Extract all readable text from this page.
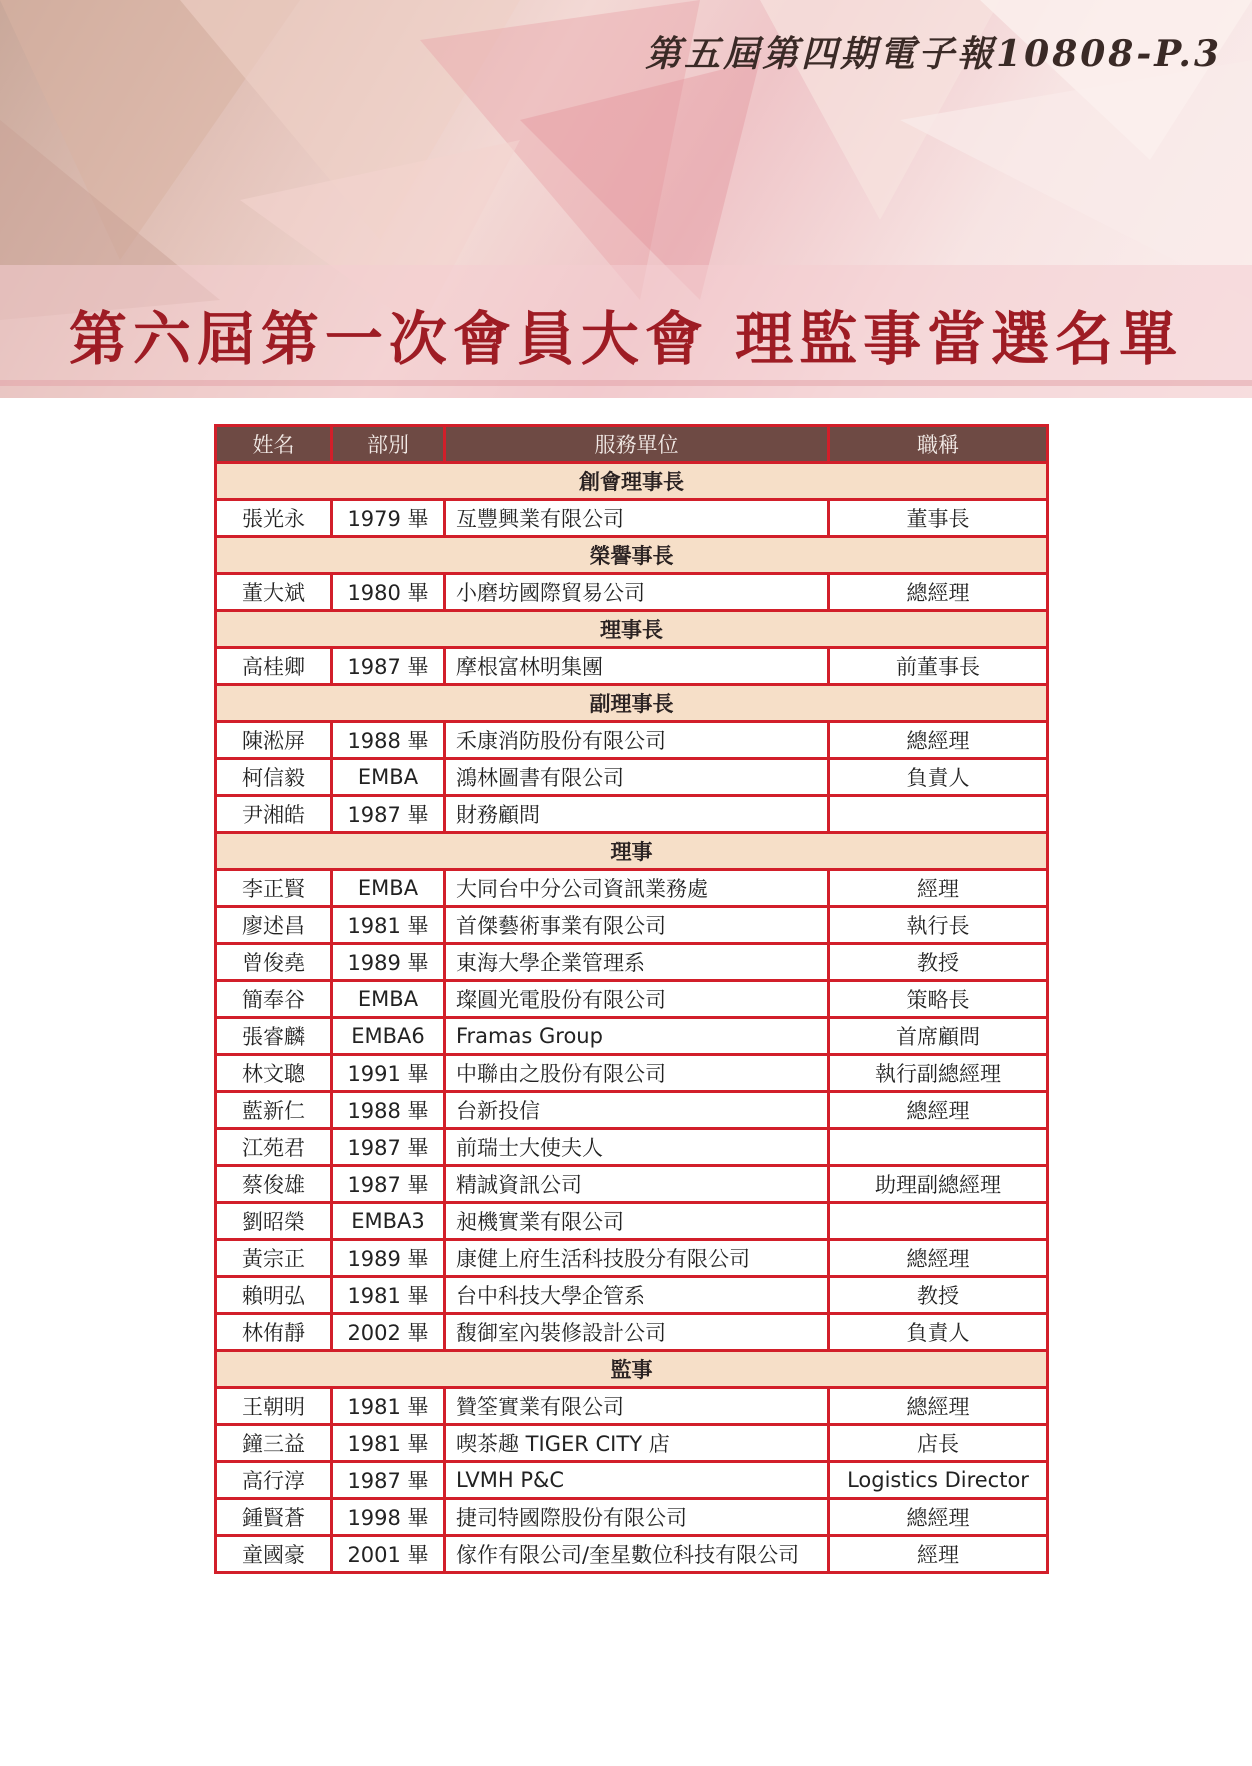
第五屆第四期電子報10808-P.3
第六屆第一次會員大會 理監事當選名單
姓名	部別	服務單位	職稱
創會理事長			
張光永	1979 畢	亙豐興業有限公司	董事長
榮譽事長			
董大斌	1980 畢	小磨坊國際貿易公司	總經理
理事長			
高桂卿	1987 畢	摩根富林明集團	前董事長
副理事長			
陳淞屏	1988 畢	禾康消防股份有限公司	總經理
柯信毅	EMBA	鴻林圖書有限公司	負責人
尹湘皓	1987 畢	財務顧問	
理事			
李正賢	EMBA	大同台中分公司資訊業務處	經理
廖述昌	1981 畢	首傑藝術事業有限公司	執行長
曾俊堯	1989 畢	東海大學企業管理系	教授
簡奉谷	EMBA	璨圓光電股份有限公司	策略長
張睿麟	EMBA6	Framas Group	首席顧問
林文聰	1991 畢	中聯由之股份有限公司	執行副總經理
藍新仁	1988 畢	台新投信	總經理
江苑君	1987 畢	前瑞士大使夫人	
蔡俊雄	1987 畢	精誠資訊公司	助理副總經理
劉昭榮	EMBA3	昶機實業有限公司	
黃宗正	1989 畢	康健上府生活科技股分有限公司	總經理
賴明弘	1981 畢	台中科技大學企管系	教授
林侑靜	2002 畢	馥御室內裝修設計公司	負責人
監事			
王朝明	1981 畢	贊筌實業有限公司	總經理
鐘三益	1981 畢	喫茶趣 TIGER CITY 店	店長
高行淳	1987 畢	LVMH P&C	Logistics Director
鍾賢蒼	1998 畢	捷司特國際股份有限公司	總經理
童國豪	2001 畢	傢作有限公司/奎星數位科技有限公司	經理
